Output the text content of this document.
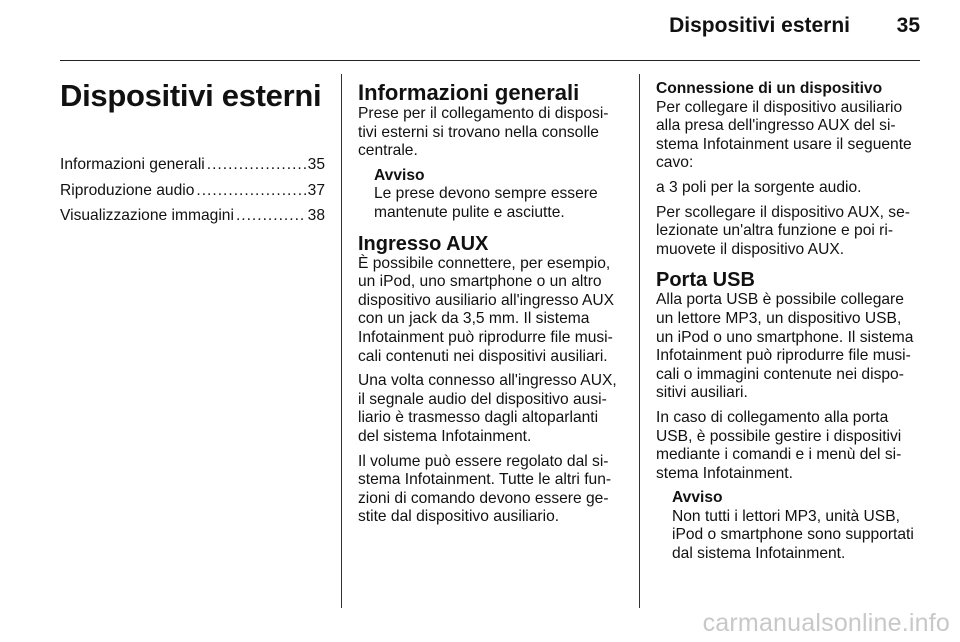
Dispositivi esterni 35
Dispositivi esterni
Informazioni generali .....	35
Riproduzione audio .....	37
Visualizzazione immagini .....	38
Informazioni generali

Prese per il collegamento di disposi-tivi esterni si trovano nella consolle centrale.

Avviso
Le prese devono sempre essere mantenute pulite e asciutte.
Ingresso AUX

È possibile connettere, per esempio, un iPod, uno smartphone o un altro dispositivo ausiliario all'ingresso AUX con un jack da 3,5 mm. Il sistema Infotainment può riprodurre file musi-cali contenuti nei dispositivi ausiliari.

Una volta connesso all'ingresso AUX, il segnale audio del dispositivo ausi-liario è trasmesso dagli altoparlanti del sistema Infotainment.

Il volume può essere regolato dal si-stema Infotainment. Tutte le altri fun-zioni di comando devono essere ge-stite dal dispositivo ausiliario.

Connessione di un dispositivo

Per collegare il dispositivo ausiliario alla presa dell'ingresso AUX del si-stema Infotainment usare il seguente cavo:

a 3 poli per la sorgente audio.

Per scollegare il dispositivo AUX, se-lezionate un'altra funzione e poi ri-muovete il dispositivo AUX.

Porta USB

Alla porta USB è possibile collegare un lettore MP3, un dispositivo USB, un iPod o uno smartphone. Il sistema Infotainment può riprodurre file musi-cali o immagini contenute nei dispo-sitivi ausiliari.

In caso di collegamento alla porta USB, è possibile gestire i dispositivi mediante i comandi e i menù del si-stema Infotainment.

Avviso
Non tutti i lettori MP3, unità USB, iPod o smartphone sono supportati dal sistema Infotainment.
carmanualsonline.info
